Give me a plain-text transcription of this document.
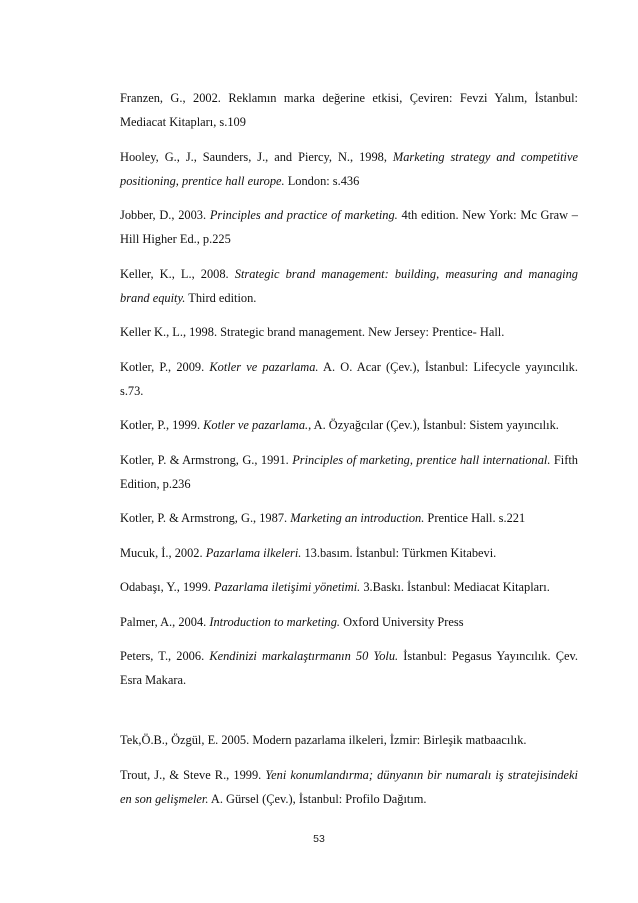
Franzen, G., 2002. Reklamın marka değerine etkisi, Çeviren: Fevzi Yalım, İstanbul: Mediacat Kitapları, s.109

Hooley, G., J., Saunders, J., and Piercy, N., 1998, Marketing strategy and competitive positioning, prentice hall europe. London: s.436

Jobber, D., 2003. Principles and practice of marketing. 4th edition. New York: Mc Graw – Hill Higher Ed., p.225

Keller, K., L., 2008. Strategic brand management: building, measuring and managing brand equity. Third edition.

Keller K., L., 1998. Strategic brand management. New Jersey: Prentice- Hall.

Kotler, P., 2009. Kotler ve pazarlama. A. O. Acar (Çev.), İstanbul: Lifecycle yayıncılık. s.73.

Kotler, P., 1999. Kotler ve pazarlama., A. Özyağcılar (Çev.), İstanbul: Sistem yayıncılık.

Kotler, P. & Armstrong, G., 1991. Principles of marketing, prentice hall international. Fifth Edition, p.236

Kotler, P. & Armstrong, G., 1987. Marketing an introduction. Prentice Hall. s.221

Mucuk, İ., 2002. Pazarlama ilkeleri. 13.basım. İstanbul: Türkmen Kitabevi.

Odabaşı, Y., 1999. Pazarlama iletişimi yönetimi. 3.Baskı. İstanbul: Mediacat Kitapları.

Palmer, A., 2004. Introduction to marketing. Oxford University Press

Peters, T., 2006. Kendinizi markalaştırmanın 50 Yolu. İstanbul: Pegasus Yayıncılık. Çev. Esra Makara.

Tek,Ö.B., Özgül, E. 2005. Modern pazarlama ilkeleri, İzmir: Birleşik matbaacılık.

Trout, J., & Steve R., 1999. Yeni konumlandırma; dünyanın bir numaralı iş stratejisindeki en son gelişmeler. A. Gürsel (Çev.), İstanbul: Profilo Dağıtım.

53
